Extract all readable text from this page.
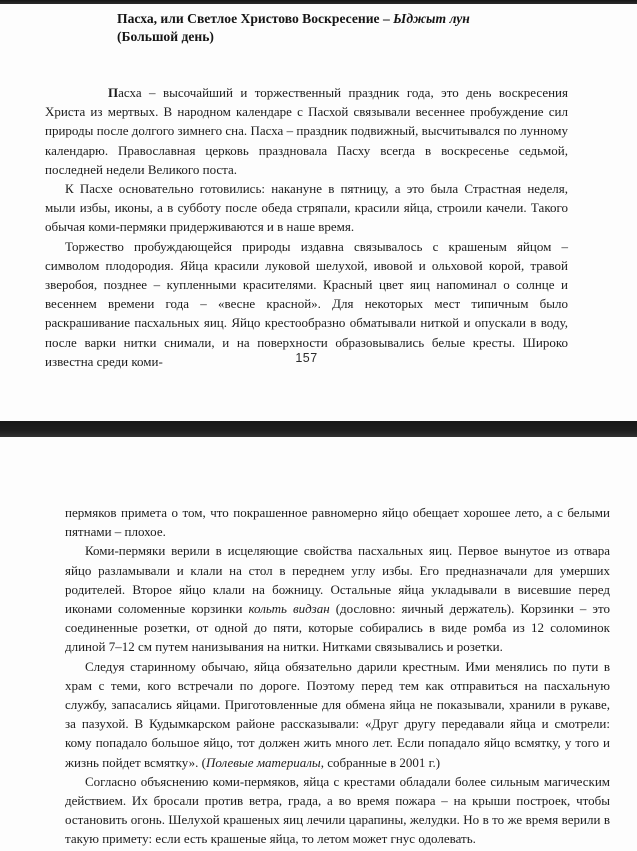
Пасха, или Светлое Христово Воскресение – Ыджыт лун
(Большой день)

Пасха – высочайший и торжественный праздник года, это день воскресения Христа из мертвых. В народном календаре с Пасхой связывали весеннее пробуждение сил природы после долгого зимнего сна. Пасха – праздник подвижный, высчитывался по лунному календарю. Православная церковь праздновала Пасху всегда в воскресенье седьмой, последней недели Великого поста.

К Пасхе основательно готовились: накануне в пятницу, а это была Страстная неделя, мыли избы, иконы, а в субботу после обеда стряпали, красили яйца, строили качели. Такого обычая коми-пермяки придерживаются и в наше время.

Торжество пробуждающейся природы издавна связывалось с крашеным яйцом – символом плодородия. Яйца красили луковой шелухой, ивовой и ольховой корой, травой зверобоя, позднее – купленными красителями. Красный цвет яиц напоминал о солнце и весеннем времени года – «весне красной». Для некоторых мест типичным было раскрашивание пасхальных яиц. Яйцо крестообразно обматывали ниткой и опускали в воду, после варки нитки снимали, и на поверхности образовывались белые кресты. Широко известна среди коми-	157

пермяков примета о том, что покрашенное равномерно яйцо обещает хорошее лето, а с белыми пятнами – плохое.

Коми-пермяки верили в исцеляющие свойства пасхальных яиц. Первое вынутое из отвара яйцо разламывали и клали на стол в переднем углу избы. Его предназначали для умерших родителей. Второе яйцо клали на божницу. Остальные яйца укладывали в висевшие перед иконами соломенные корзинки кольть видзан (дословно: яичный держатель). Корзинки – это соединенные розетки, от одной до пяти, которые собирались в виде ромба из 12 соломинок длиной 7–12 см путем нанизывания на нитки. Нитками связывались и розетки.

Следуя старинному обычаю, яйца обязательно дарили крестным. Ими менялись по пути в храм с теми, кого встречали по дороге. Поэтому перед тем как отправиться на пасхальную службу, запасались яйцами. Приготовленные для обмена яйца не показывали, хранили в рукаве, за пазухой. В Кудымкарском районе рассказывали: «Друг другу передавали яйца и смотрели: кому попадало большое яйцо, тот должен жить много лет. Если попадало яйцо всмятку, у того и жизнь пойдет всмятку». (Полевые материалы, собранные в 2001 г.)

Согласно объяснению коми-пермяков, яйца с крестами обладали более сильным магическим действием. Их бросали против ветра, града, а во время пожара – на крыши построек, чтобы остановить огонь. Шелухой крашеных яиц лечили царапины, желудки. Но в то же время верили в такую примету: если есть крашеные яйца, то летом может гнус одолевать.
